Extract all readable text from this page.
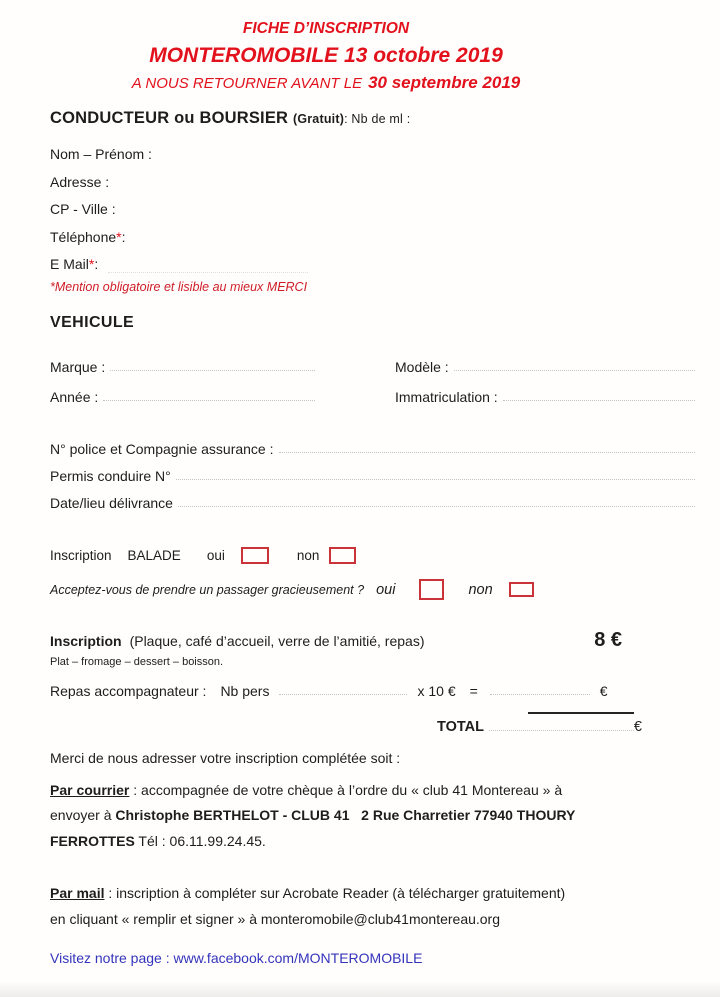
FICHE D’INSCRIPTION
MONTEROMOBILE 13 octobre 2019
A NOUS RETOURNER AVANT LE 30 septembre 2019
CONDUCTEUR ou BOURSIER (Gratuit): Nb de ml :
Nom – Prénom :
Adresse :
CP - Ville :
Téléphone * :
E Mail * :
*Mention obligatoire et lisible au mieux MERCI
VEHICULE
Marque :	Modèle :
Année :	Immatriculation :
N° police et Compagnie assurance :
Permis conduire N°
Date/lieu délivrance
Inscription BALADE oui	non
Acceptez-vous de prendre un passager gracieusement ? oui	non
Inscription (Plaque, café d’accueil, verre de l’amitié, repas)	8 €
Plat – fromage – dessert – boisson.
Repas accompagnateur : Nb pers	x 10 € =	€
TOTAL	€
Merci de nous adresser votre inscription complétée soit :
Par courrier : accompagnée de votre chèque à l’ordre du « club 41 Montereau » à
envoyer à Christophe BERTHELOT - CLUB 41   2 Rue Charretier 77940 THOURY
FERROTTES Tél : 06.11.99.24.45.
Par mail : inscription à compléter sur Acrobate Reader (à télécharger gratuitement)
en cliquant « remplir et signer » à monteromobile@club41montereau.org
Visitez notre page : www.facebook.com/MONTEROMOBILE
